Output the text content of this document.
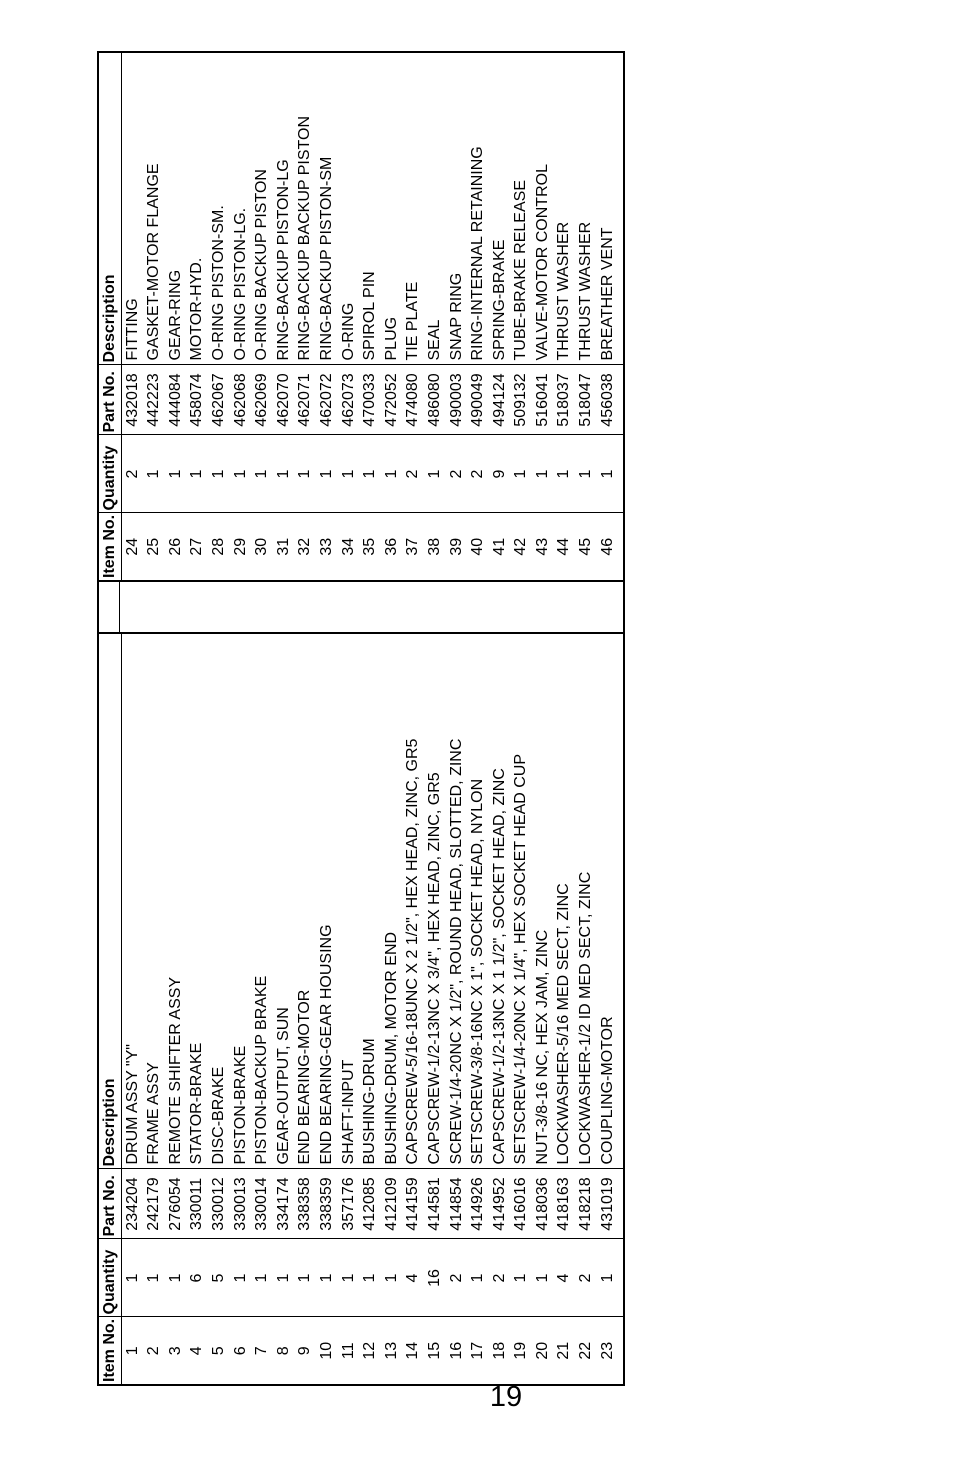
Item No.	Quantity	Part No.	Description
1	1	234204	DRUM ASSY "Y"
2	1	242179	FRAME ASSY
3	1	276054	REMOTE SHIFTER ASSY
4	6	330011	STATOR-BRAKE
5	5	330012	DISC-BRAKE
6	1	330013	PISTON-BRAKE
7	1	330014	PISTON-BACKUP BRAKE
8	1	334174	GEAR-OUTPUT, SUN
9	1	338358	END BEARING-MOTOR
10	1	338359	END BEARING-GEAR HOUSING
11	1	357176	SHAFT-INPUT
12	1	412085	BUSHING-DRUM
13	1	412109	BUSHING-DRUM, MOTOR END
14	4	414159	CAPSCREW-5/16-18UNC X 2 1/2", HEX HEAD, ZINC, GR5
15	16	414581	CAPSCREW-1/2-13NC X 3/4", HEX HEAD, ZINC, GR5
16	2	414854	SCREW-1/4-20NC X 1/2", ROUND HEAD, SLOTTED, ZINC
17	1	414926	SETSCREW-3/8-16NC X 1", SOCKET HEAD, NYLON
18	2	414952	CAPSCREW-1/2-13NC X 1 1/2", SOCKET HEAD, ZINC
19	1	416016	SETSCREW-1/4-20NC X 1/4", HEX SOCKET HEAD CUP
20	1	418036	NUT-3/8-16 NC, HEX JAM, ZINC
21	4	418163	LOCKWASHER-5/16 MED SECT, ZINC
22	2	418218	LOCKWASHER-1/2 ID MED SECT, ZINC
23	1	431019	COUPLING-MOTOR

Item No.	Quantity	Part No.	Description
24	2	432018	FITTING
25	1	442223	GASKET-MOTOR FLANGE
26	1	444084	GEAR-RING
27	1	458074	MOTOR-HYD.
28	1	462067	O-RING PISTON-SM.
29	1	462068	O-RING PISTON-LG.
30	1	462069	O-RING BACKUP PISTON
31	1	462070	RING-BACKUP PISTON-LG
32	1	462071	RING-BACKUP BACKUP PISTON
33	1	462072	RING-BACKUP PISTON-SM
34	1	462073	O-RING
35	1	470033	SPIROL PIN
36	1	472052	PLUG
37	2	474080	TIE PLATE
38	1	486080	SEAL
39	2	490003	SNAP RING
40	2	490049	RING-INTERNAL RETAINING
41	9	494124	SPRING-BRAKE
42	1	509132	TUBE-BRAKE RELEASE
43	1	516041	VALVE-MOTOR CONTROL
44	1	518037	THRUST WASHER
45	1	518047	THRUST WASHER
46	1	456038	BREATHER VENT

19
